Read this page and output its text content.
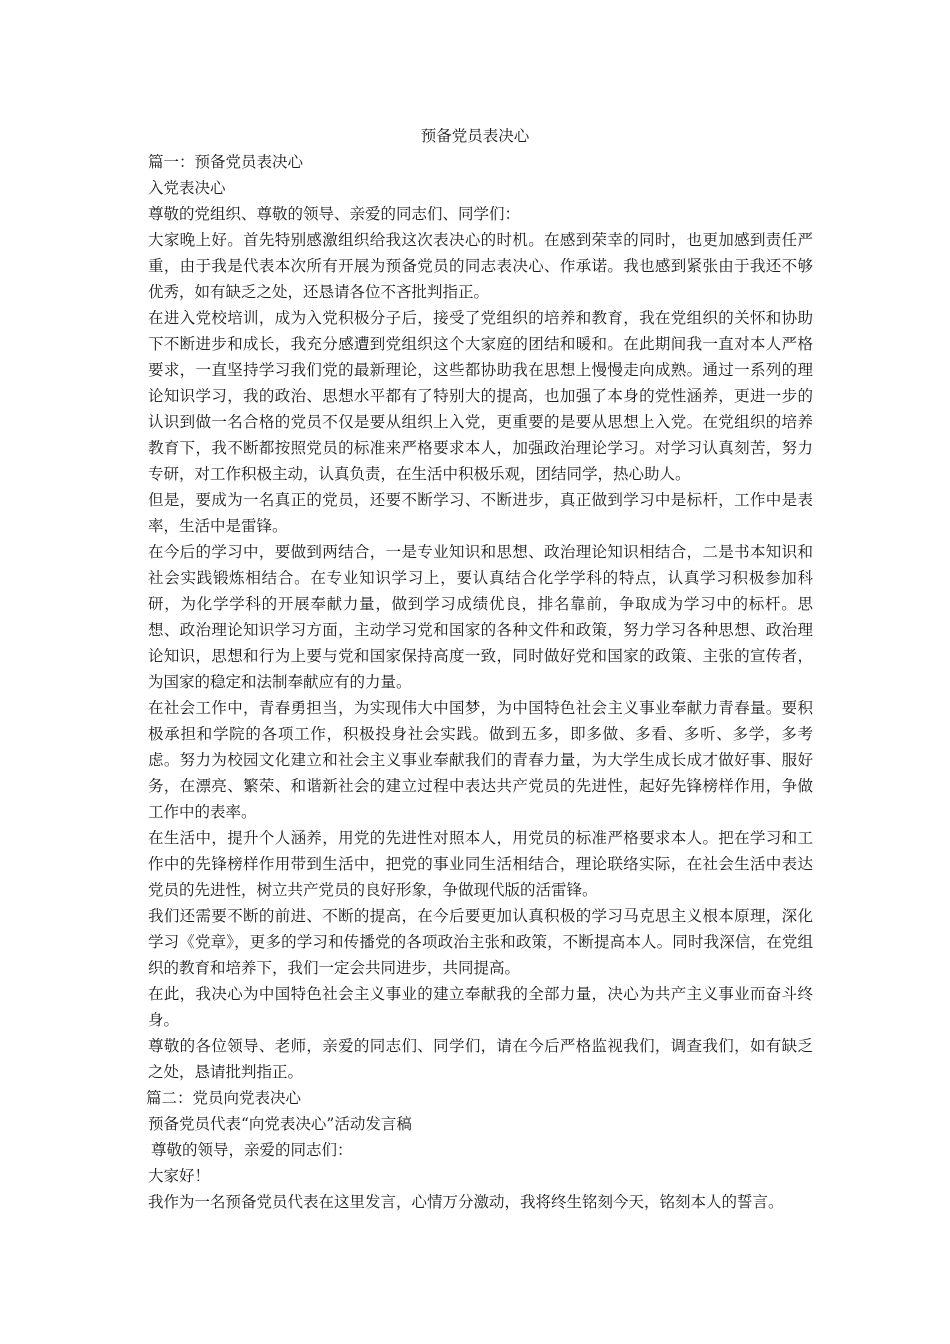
预备党员表决心

篇一：预备党员表决心

入党表决心

尊敬的党组织、尊敬的领导、亲爱的同志们、同学们：

大家晚上好。首先特别感激组织给我这次表决心的时机。在感到荣幸的同时，也更加感到责任严重，由于我是代表本次所有开展为预备党员的同志表决心、作承诺。我也感到紧张由于我还不够优秀，如有缺乏之处，还恳请各位不吝批判指正。

在进入党校培训，成为入党积极分子后，接受了党组织的培养和教育，我在党组织的关怀和协助下不断进步和成长，我充分感遭到党组织这个大家庭的团结和暖和。在此期间我一直对本人严格要求，一直坚持学习我们党的最新理论，这些都协助我在思想上慢慢走向成熟。通过一系列的理论知识学习，我的政治、思想水平都有了特别大的提高，也加强了本身的党性涵养，更进一步的认识到做一名合格的党员不仅是要从组织上入党，更重要的是要从思想上入党。在党组织的培养教育下，我不断都按照党员的标准来严格要求本人，加强政治理论学习。对学习认真刻苦，努力专研，对工作积极主动，认真负责，在生活中积极乐观，团结同学，热心助人。

但是，要成为一名真正的党员，还要不断学习、不断进步，真正做到学习中是标杆，工作中是表率，生活中是雷锋。

在今后的学习中，要做到两结合，一是专业知识和思想、政治理论知识相结合，二是书本知识和社会实践锻炼相结合。在专业知识学习上，要认真结合化学学科的特点，认真学习积极参加科研，为化学学科的开展奉献力量，做到学习成绩优良，排名靠前，争取成为学习中的标杆。思想、政治理论知识学习方面，主动学习党和国家的各种文件和政策，努力学习各种思想、政治理论知识，思想和行为上要与党和国家保持高度一致，同时做好党和国家的政策、主张的宣传者，为国家的稳定和法制奉献应有的力量。

在社会工作中，青春勇担当，为实现伟大中国梦，为中国特色社会主义事业奉献力青春量。要积极承担和学院的各项工作，积极投身社会实践。做到五多，即多做、多看、多听、多学，多考虑。努力为校园文化建立和社会主义事业奉献我们的青春力量，为大学生成长成才做好事、服好务，在漂亮、繁荣、和谐新社会的建立过程中表达共产党员的先进性，起好先锋榜样作用，争做工作中的表率。

在生活中，提升个人涵养，用党的先进性对照本人，用党员的标准严格要求本人。把在学习和工作中的先锋榜样作用带到生活中，把党的事业同生活相结合，理论联络实际，在社会生活中表达党员的先进性，树立共产党员的良好形象，争做现代版的活雷锋。

我们还需要不断的前进、不断的提高，在今后要更加认真积极的学习马克思主义根本原理，深化学习《党章》，更多的学习和传播党的各项政治主张和政策，不断提高本人。同时我深信，在党组织的教育和培养下，我们一定会共同进步，共同提高。

在此，我决心为中国特色社会主义事业的建立奉献我的全部力量，决心为共产主义事业而奋斗终身。

尊敬的各位领导、老师，亲爱的同志们、同学们，请在今后严格监视我们，调查我们，如有缺乏之处，恳请批判指正。

篇二：党员向党表决心

预备党员代表“向党表决心”活动发言稿

尊敬的领导，亲爱的同志们：

大家好！

我作为一名预备党员代表在这里发言，心情万分激动，我将终生铭刻今天，铭刻本人的誓言。
